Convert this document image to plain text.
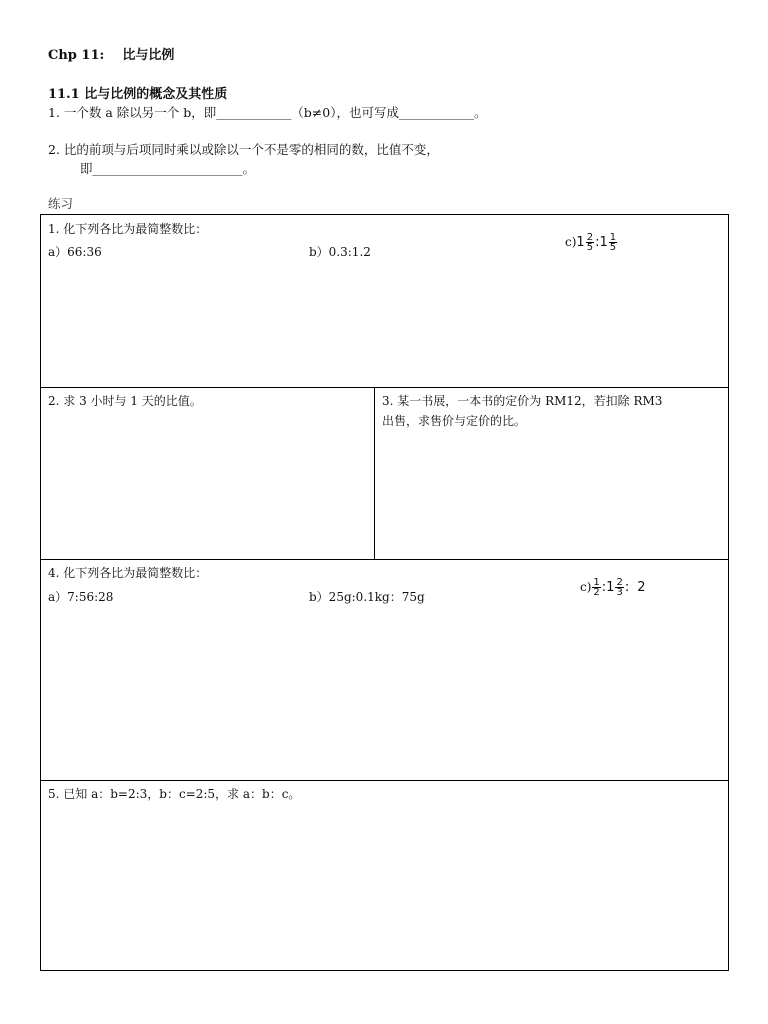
Chp 11: 比与比例
11.1 比与比例的概念及其性质
1. 一个数 a 除以另一个 b，即____________（b≠0），也可写成____________。
2. 比的前项与后项同时乘以或除以一个不是零的相同的数，比值不变，
即________________________。
练习
1. 化下列各比为最简整数比：
a）66:36	b）0.3:1.2
$c)1 \frac{2}{5}$ :1 $\frac{1}{5}$
2. 求 3 小时与 1 天的比值。	3. 某一书展，一本书的定价为 RM12，若扣除 RM3
出售，求售价与定价的比。
4. 化下列各比为最简整数比：
a）7:56:28	b）25g:0.1kg：75g
$c) \frac{1}{2}$ :1 $\frac{2}{3}$ : 2
5. 已知 a：b=2:3，b：c=2:5，求 a：b：c。
